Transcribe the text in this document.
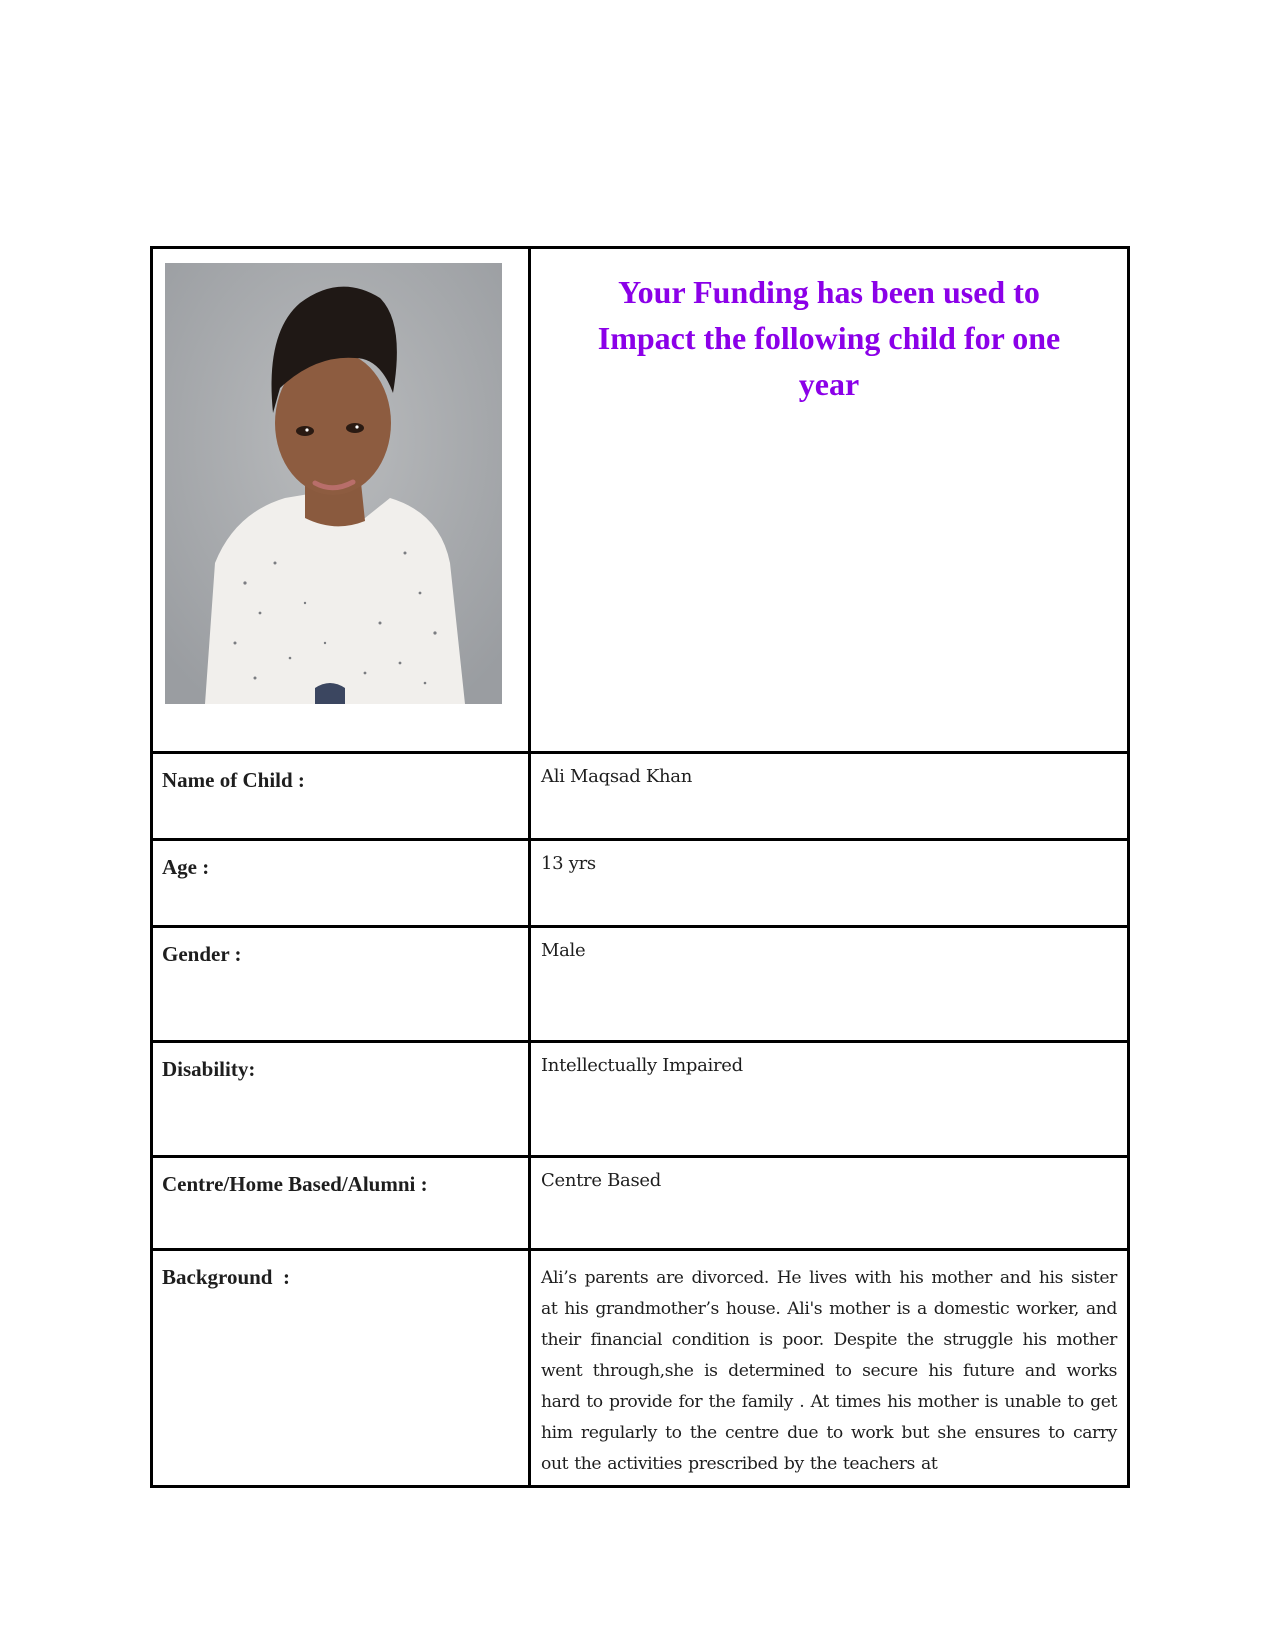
Your Funding has been used to
Impact the following child for one
year

Name of Child :	Ali Maqsad Khan

Age :	13 yrs

Gender :	Male

Disability:	Intellectually Impaired

Centre/Home Based/Alumni :	Centre Based

Background  :	Ali’s parents are divorced. He lives with his mother and his sister at his grandmother’s house. Ali's mother is a domestic worker, and their financial condition is poor. Despite the struggle his mother went through,she is determined to secure his future and works hard to provide for the family . At times his mother is unable to get him regularly to the centre due to work but she ensures to carry out the activities prescribed by the teachers at
